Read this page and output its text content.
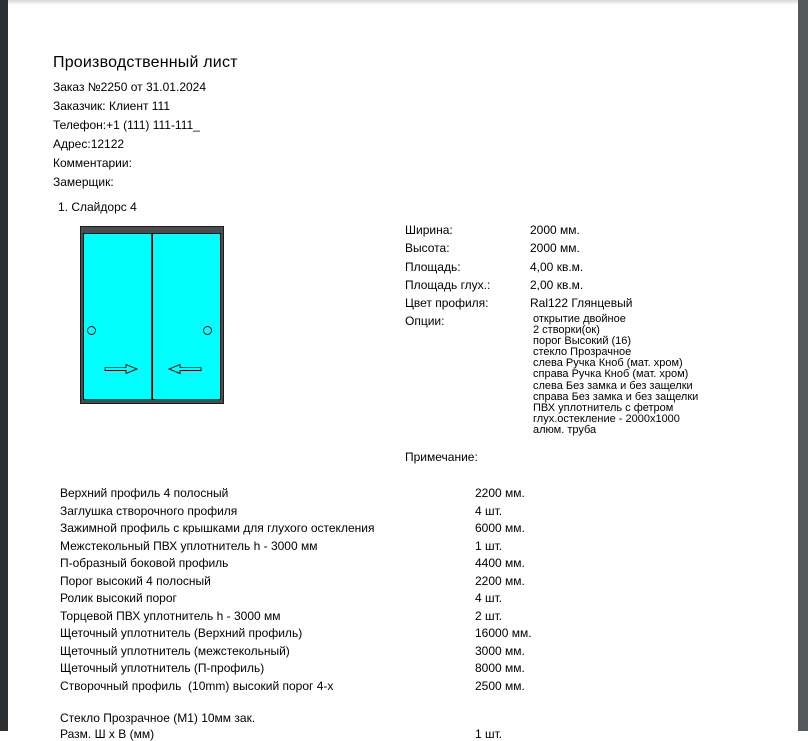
Производственный лист
Заказ №2250 от 31.01.2024
Заказчик: Клиент 111
Телефон:+1 (111) 111-111_
Адрес:12122
Комментарии:
Замерщик:
1. Слайдорс 4
Ширина:	2000 мм.
Высота:	2000 мм.
Площадь:	4,00 кв.м.
Площадь глух.:	2,00 кв.м.
Цвет профиля:	Ral122 Глянцевый
Опции:	открытие двойное
2 створки(ок)
порог Высокий (16)
стекло Прозрачное
слева Ручка Кноб (мат. хром)
справа Ручка Кноб (мат. хром)
слева Без замка и без защелки
справа Без замка и без защелки
ПВХ уплотнитель с фетром
глух.остекление - 2000x1000
алюм. труба
Примечание:
Верхний профиль 4 полосный	2200 мм.
Заглушка створочного профиля	4 шт.
Зажимной профиль с крышками для глухого остекления	6000 мм.
Межстекольный ПВХ уплотнитель h - 3000 мм	1 шт.
П-образный боковой профиль	4400 мм.
Порог высокий 4 полосный	2200 мм.
Ролик высокий порог	4 шт.
Торцевой ПВХ уплотнитель h - 3000 мм	2 шт.
Щеточный уплотнитель (Верхний профиль)	16000 мм.
Щеточный уплотнитель (межстекольный)	3000 мм.
Щеточный уплотнитель (П-профиль)	8000 мм.
Створочный профиль  (10mm) высокий порог 4-х	2500 мм.
Стекло Прозрачное (М1) 10мм зак.
Разм. Ш х В (мм)	1 шт.
